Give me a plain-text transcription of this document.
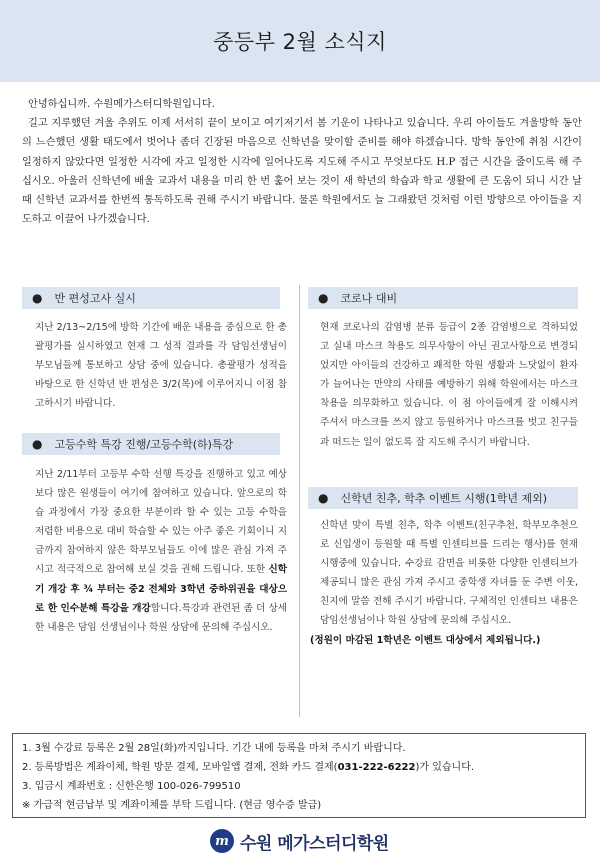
중등부 2월 소식지

안녕하십니까. 수원메가스터디학원입니다.

길고 지루했던 겨울 추위도 이제 서서히 끝이 보이고 여기저기서 봄 기운이 나타나고 있습니다. 우리 아이들도 겨울방학 동안의 느슨했던 생활 태도에서 벗어나 좀더 긴장된 마음으로 신학년을 맞이할 준비를 해야 하겠습니다. 방학 동안에 취침 시간이 일정하지 않았다면 일정한 시각에 자고 일정한 시각에 일어나도록 지도해 주시고 무엇보다도 H.P 접근 시간을 줄이도록 해 주십시오. 아울러 신학년에 배울 교과서 내용을 미리 한 번 훑어 보는 것이 새 학년의 학습과 학교 생활에 큰 도움이 되니 시간 날 때 신학년 교과서를 한번씩 통독하도록 권해 주시기 바랍니다. 물론 학원에서도 늘 그래왔던 것처럼 이런 방향으로 아이들을 지도하고 이끌어 나가겠습니다.

● 반 편성고사 실시
지난 2/13~2/15에 방학 기간에 배운 내용을 중심으로 한 총괄평가를 실시하였고 현재 그 성적 결과를 각 담임선생님이 부모님들께 통보하고 상담 중에 있습니다. 총괄평가 성적을 바탕으로 한 신학년 반 편성은 3/2(목)에 이루어지니 이점 참고하시기 바랍니다.
● 고등수학 특강 진행/고등수학(하)특강
지난 2/11부터 고등부 수학 선행 특강을 진행하고 있고 예상보다 많은 원생들이 여기에 참여하고 있습니다. 앞으로의 학습 과정에서 가장 중요한 부분이라 할 수 있는 고등 수학을 저렴한 비용으로 대비 학습할 수 있는 아주 좋은 기회이니 지금까지 참여하지 않은 학부모님들도 이에 많은 관심 가져 주시고 적극적으로 참여해 보실 것을 권해 드립니다. 또한 신학기 개강 후 ¾ 부터는 중2 전체와 3학년 중하위권을 대상으로 한 인수분해 특강을 개강합니다.특강과 관련된 좀 더 상세한 내용은 담임 선생님이나 학원 상담에 문의해 주십시오.
● 코로나 대비
현재 코로나의 감염병 분류 등급이 2종 감염병으로 격하되었고 실내 마스크 착용도 의무사항이 아닌 권고사항으로 변경되었지만 아이들의 건강하고 쾌적한 학원 생활과 느닷없이 환자가 늘어나는 만약의 사태를 예방하기 위해 학원에서는 마스크 착용을 의무화하고 있습니다. 이 점 아이들에게 잘 이해시켜 주셔서 마스크를 쓰지 않고 등원하거나 마스크를 벗고 친구들과 떠드는 일이 없도록 잘 지도해 주시기 바랍니다.
● 신학년 친추, 학추 이벤트 시행(1학년 제외)
신학년 맞이 특별 친추, 학추 이벤트(친구추천, 학부모추천으로 신입생이 등원할 때 특별 인센티브를 드리는 행사)를 현재 시행중에 있습니다. 수강료 감면을 비롯한 다양한 인센티브가 제공되니 많은 관심 가져 주시고 중학생 자녀를 둔 주변 이웃, 친지에 말씀 전해 주시기 바랍니다. 구체적인 인센티브 내용은 담임선생님이나 학원 상담에 문의해 주십시오.
(정원이 마감된 1학년은 이벤트 대상에서 제외됩니다.)
1. 3월 수강료 등록은 2월 28일(화)까지입니다. 기간 내에 등록을 마쳐 주시기 바랍니다.
2. 등록방법은 계좌이체, 학원 방문 결제, 모바일앱 결제, 전화 카드 결제(031-222-6222)가 있습니다.
3. 입금시 계좌번호 : 신한은행 100-026-799510
※ 가급적 현금납부 및 계좌이체를 부탁 드립니다. (현금 영수증 발급)
m 수원 메가스터디학원
